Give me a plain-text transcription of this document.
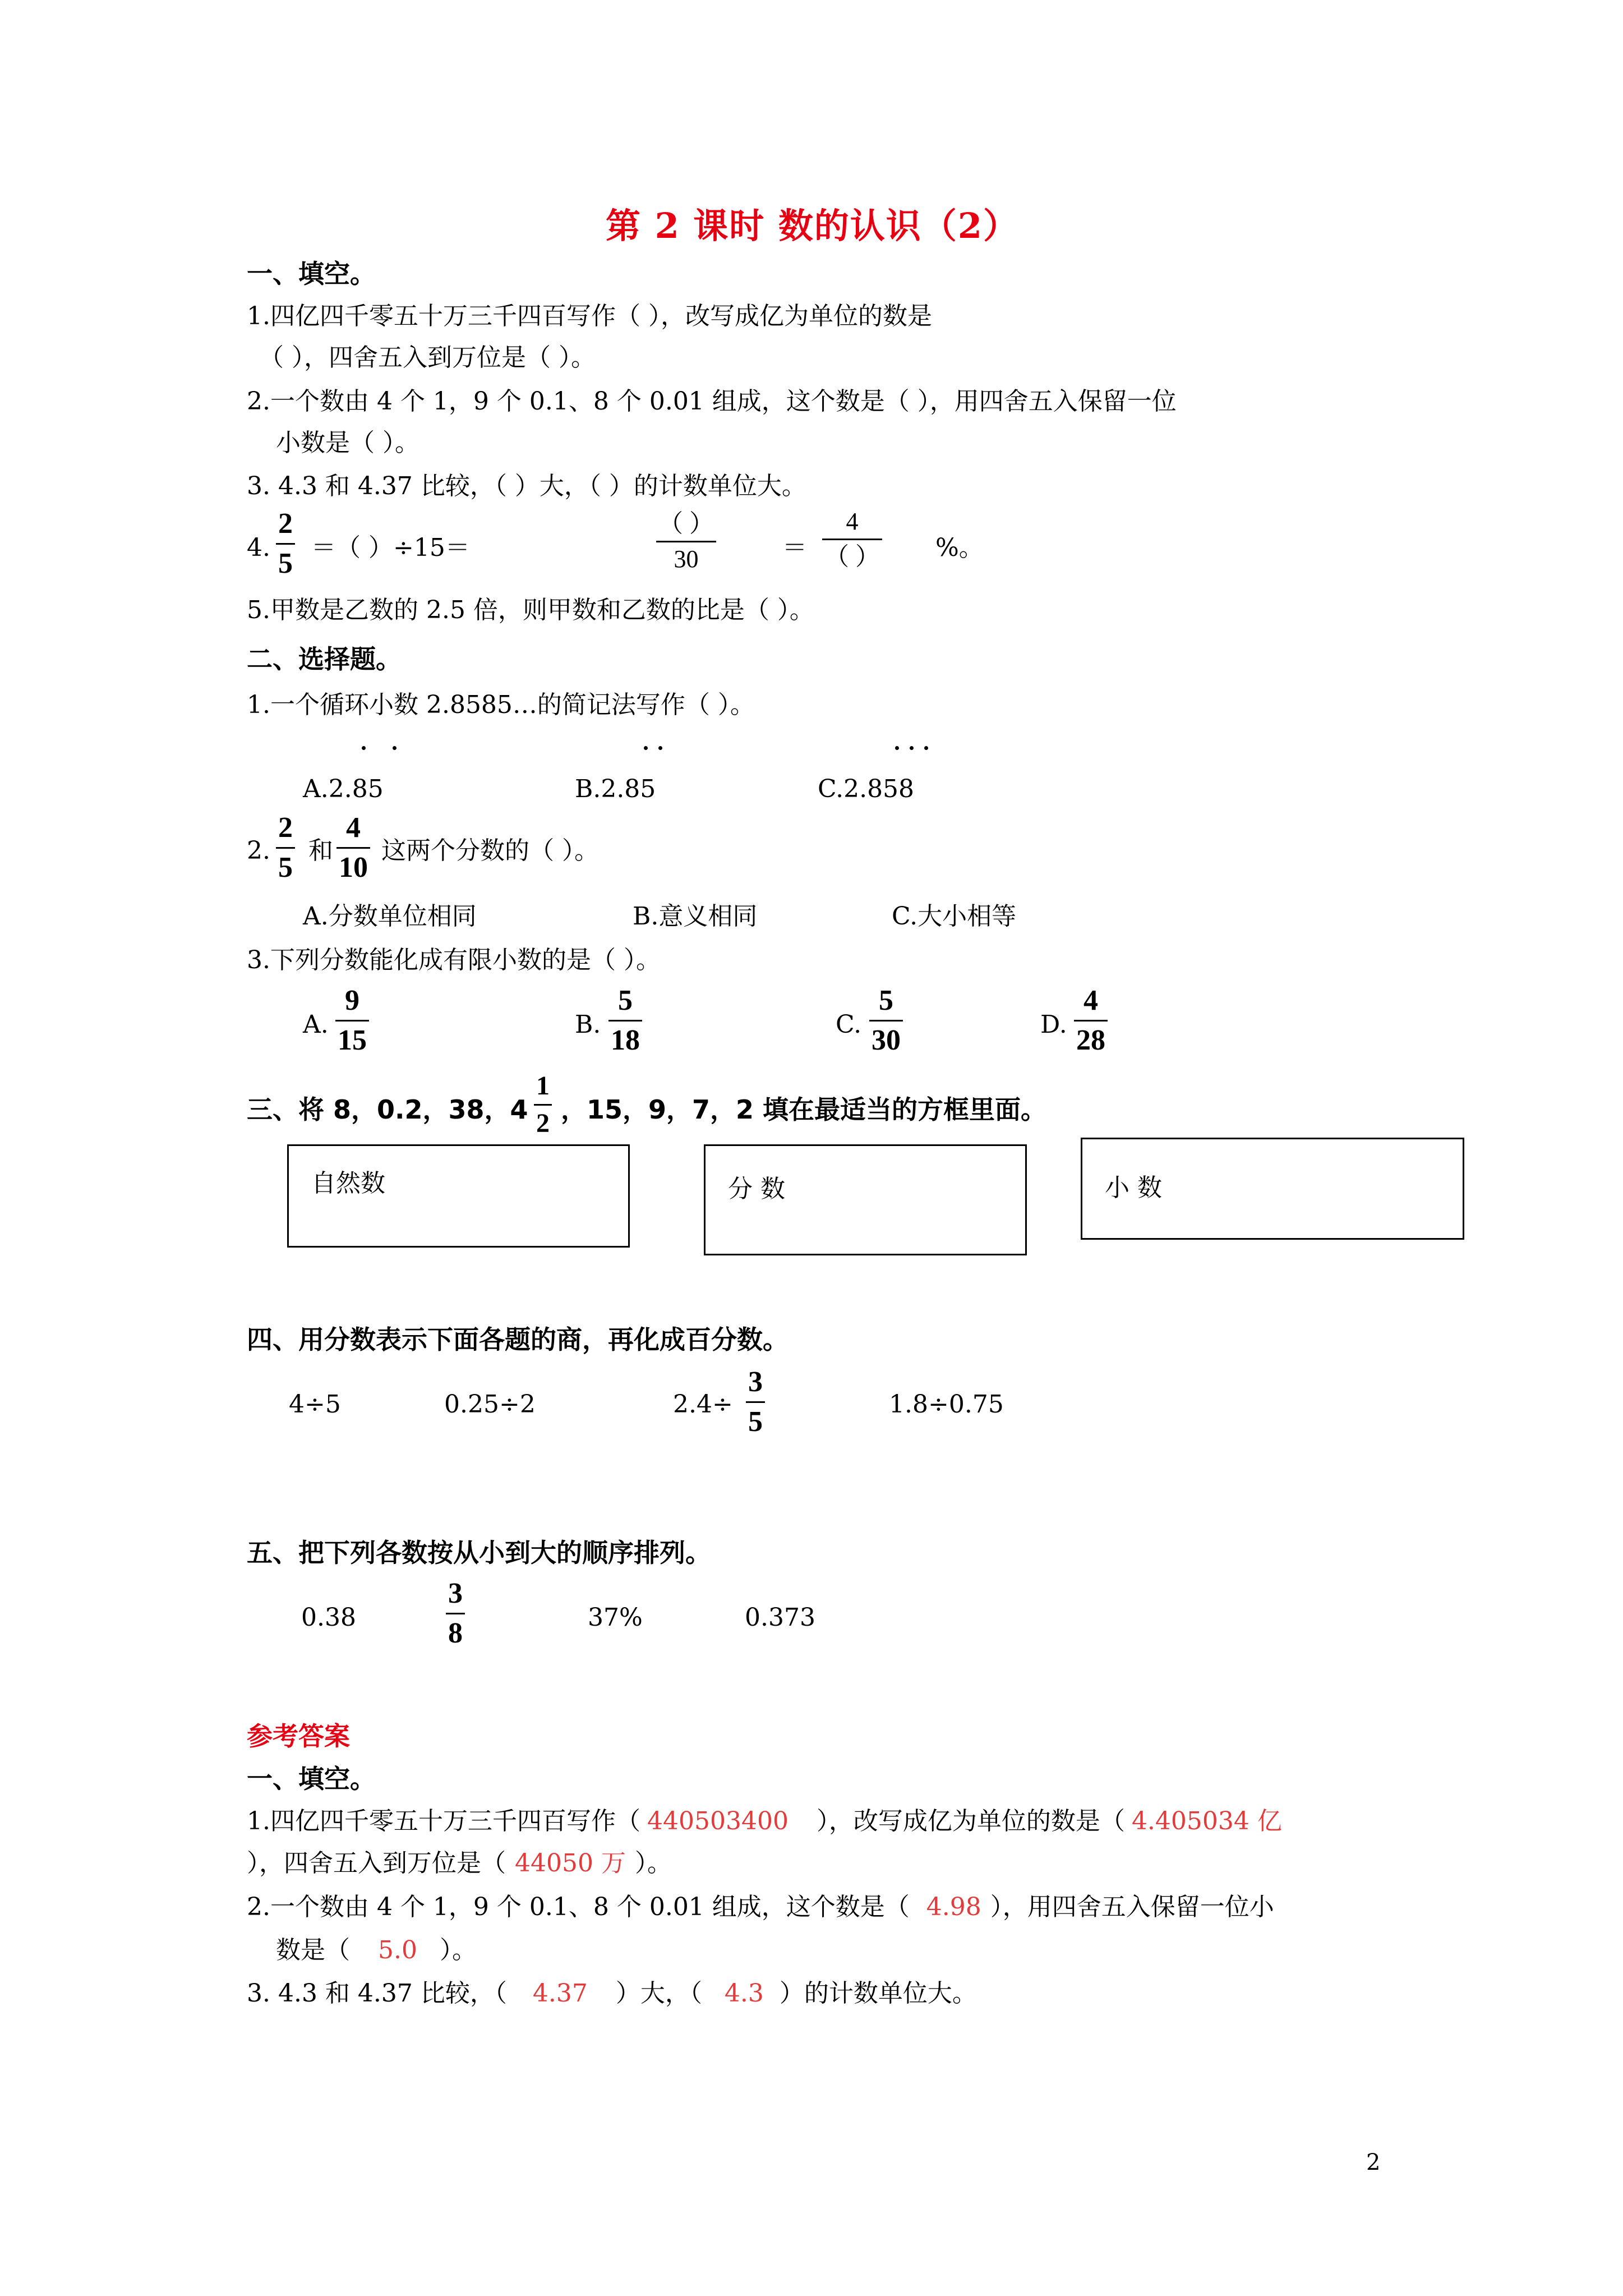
第 2 课时 数的认识（2）
一、填空。
1.四亿四千零五十万三千四百写作（ ），改写成亿为单位的数是
（ ），四舍五入到万位是（ ）。
2.一个数由 4 个 1，9 个 0.1、8 个 0.01 组成，这个数是（ ），用四舍五入保留一位
小数是（ ）。
3. 4.3 和 4.37 比较，（ ）大，（ ）的计数单位大。
4. $\frac{2}{5}$ ＝（ ）÷15＝
（ ）
30	＝
4
（ ） %。
5.甲数是乙数的 2.5 倍，则甲数和乙数的比是（ ）。
二、选择题。
1.一个循环小数 2.8585…的简记法写作（ ）。
A.2.85	B.2.85	C.2.858
2. $\frac{2}{5}$ 和 $\frac{4}{10}$ 这两个分数的（ ）。
A.分数单位相同	B.意义相同	C.大小相等
3.下列分数能化成有限小数的是（ ）。
A. $\frac{9}{15}$	B. $\frac{5}{18}$	C. $\frac{5}{30}$	D. $\frac{4}{28}$
三、将 8，0.2，38，$4 \frac{1}{2}$ ，15，9，7，2 填在最适当的方框里面。
自然数	分 数	小 数
四、用分数表示下面各题的商，再化成百分数。
4÷5	0.25÷2	$2.4\div \frac{3}{5}$	1.8÷0.75
五、把下列各数按从小到大的顺序排列。
0.38	$\frac{3}{8}$	37%	0.373
参考答案
一、填空。
1.四亿四千零五十万三千四百写作（ 440503400 ），改写成亿为单位的数是（ 4.405034 亿
），四舍五入到万位是（ 44050 万 ）。
2.一个数由 4 个 1，9 个 0.1、8 个 0.01 组成，这个数是（ 4.98 ），用四舍五入保留一位小
数是（ 5.0 ）。
3. 4.3 和 4.37 比较，（ 4.37 ）大，（ 4.3 ）的计数单位大。
2
